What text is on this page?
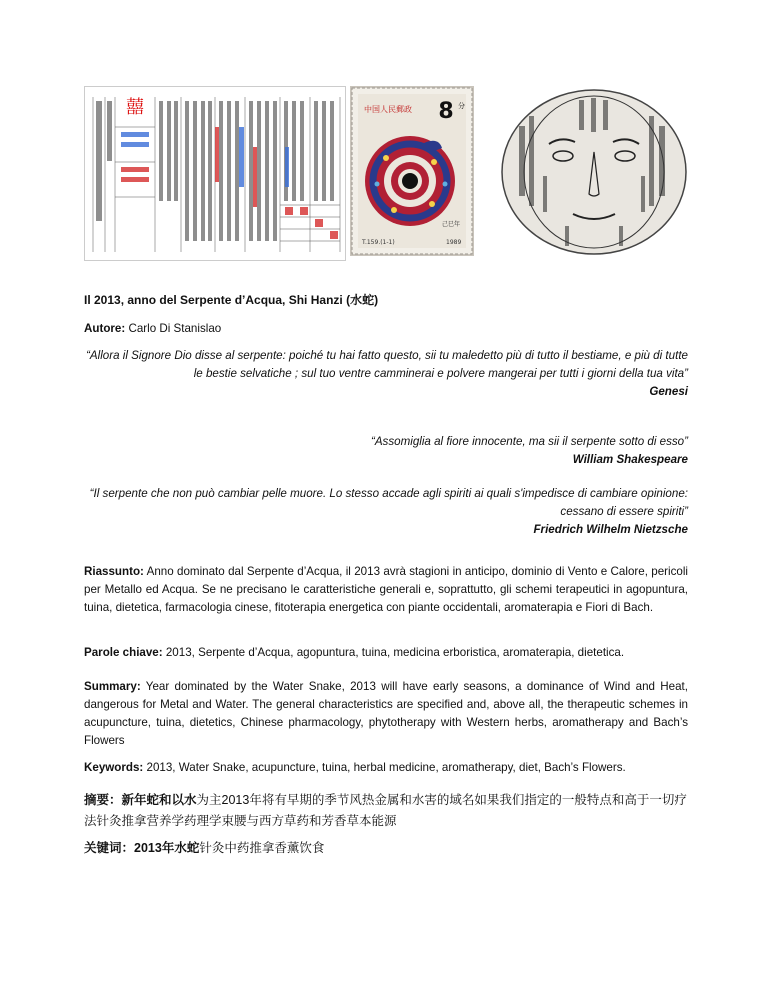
囍	中国人民郵政 8 分
己巳年
T.159.(1-1)	1989
Il 2013, anno del Serpente d’Acqua, Shi Hanzi (水蛇)
Autore: Carlo Di Stanislao
“Allora il Signore Dio disse al serpente: poiché tu hai fatto questo, sii tu maledetto più di tutto il bestiame, e più di tutte le bestie selvatiche ; sul tuo ventre camminerai e polvere mangerai per tutti i giorni della tua vita”
Genesi
“Assomiglia al fiore innocente, ma sii il serpente sotto di esso”
William Shakespeare
“Il serpente che non può cambiar pelle muore. Lo stesso accade agli spiriti ai quali s'impedisce di cambiare opinione: cessano di essere spiriti”
Friedrich Wilhelm Nietzsche
Riassunto: Anno dominato dal Serpente d’Acqua, il 2013 avrà stagioni in anticipo, dominio di Vento e Calore, pericoli per Metallo ed Acqua. Se ne precisano le caratteristiche generali e, soprattutto, gli schemi terapeutici in agopuntura, tuina, dietetica, farmacologia cinese, fitoterapia energetica con piante occidentali, aromaterapia e Fiori di Bach.
Parole chiave: 2013, Serpente d’Acqua, agopuntura, tuina, medicina erboristica, aromaterapia, dietetica.
Summary: Year dominated by the Water Snake, 2013 will have early seasons, a dominance of Wind and Heat, dangerous for Metal and Water. The general characteristics are specified and, above all, the therapeutic schemes in acupuncture, tuina, dietetics, Chinese pharmacology, phytotherapy with Western herbs, aromatherapy and Bach’s Flowers
Keywords: 2013, Water Snake, acupuncture, tuina, herbal medicine, aromatherapy, diet, Bach’s Flowers.
摘要：新年蛇和以水为主2013年将有早期的季节风热金属和水害的域名如果我们指定的一般特点和高于一切疗法针灸推拿营养学药理学束腰与西方草药和芳香草本能源
关键词：2013年水蛇针灸中药推拿香薰饮食
